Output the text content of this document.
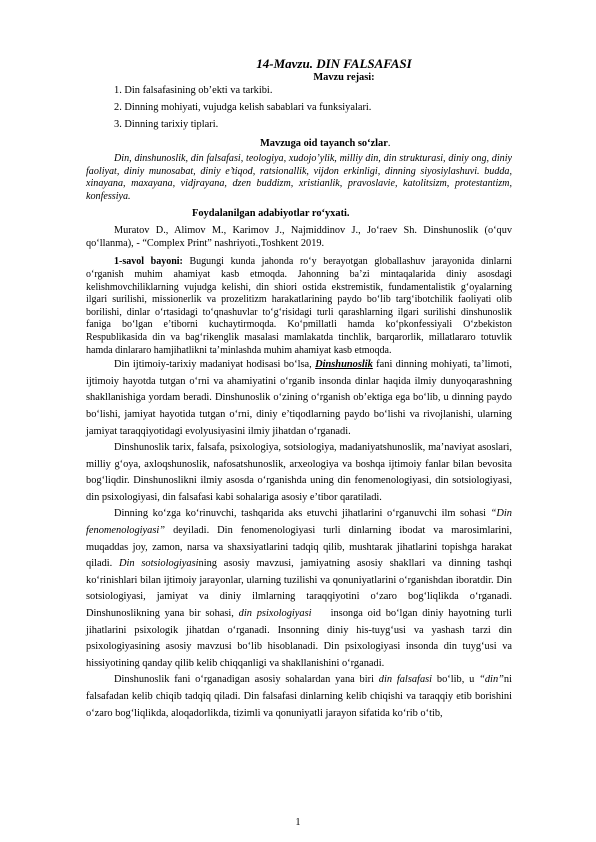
14-Mavzu. DIN FALSAFASI
Mavzu rejasi:
1. Din falsafasining ob’ekti va tarkibi.
2. Dinning mohiyati, vujudga kelish sabablari va funksiyalari.
3. Dinning tarixiy tiplari.
Mavzuga oid tayanch so‘zlar.

Din, dinshunoslik, din falsafasi, teologiya, xudojo’ylik, milliy din, din strukturasi, diniy ong, diniy faoliyat, diniy munosabat, diniy e’tiqod, ratsionallik, vijdon erkinligi, dinning siyosiylashuvi. budda, xinayana, maxayana, vidjrayana, dzen buddizm, xristianlik, pravoslavie, katolitsizm, protestantizm, konfessiya.

Foydalanilgan adabiyotlar ro‘yxati.

Muratov D., Alimov M., Karimov J., Najmiddinov J., Jo‘raev Sh. Dinshunoslik (o‘quv qo‘llanma), - “Complex Print” nashriyoti.,Toshkent 2019.

1-savol bayoni: Bugungi kunda jahonda ro‘y berayotgan globallashuv jarayonida dinlarni o‘rganish muhim ahamiyat kasb etmoqda. Jahonning ba’zi mintaqalarida diniy asosdagi kelishmovchiliklarning vujudga kelishi, din shiori ostida ekstremistik, fundamentalistik g‘oyalarning ilgari surilishi, missionerlik va prozelitizm harakatlarining paydo bo‘lib targ‘ibotchilik faoliyati olib borilishi, dinlar o‘rtasidagi to‘qnashuvlar to‘g‘risidagi turli qarashlarning ilgari surilishi dinshunoslik faniga bo‘lgan e’tiborni kuchaytirmoqda. Ko‘pmillatli hamda ko‘pkonfessiyali O‘zbekiston Respublikasida din va bag‘rikenglik masalasi mamlakatda tinchlik, barqarorlik, millatlararo totuvlik hamda dinlararo hamjihatlikni ta’minlashda muhim ahamiyat kasb etmoqda.

Din ijtimoiy-tarixiy madaniyat hodisasi bo‘lsa, Dinshunoslik fani dinning mohiyati, ta’limoti, ijtimoiy hayotda tutgan o‘rni va ahamiyatini o‘rganib insonda dinlar haqida ilmiy dunyoqarashning shakllanishiga yordam beradi. Dinshunoslik o‘zining o‘rganish ob’ektiga ega bo‘lib, u dinning paydo bo‘lishi, jamiyat hayotida tutgan o‘rni, diniy e’tiqodlarning paydo bo‘lishi va rivojlanishi, ularning jamiyat taraqqiyotidagi evolyusiyasini ilmiy jihatdan o‘rganadi.

Dinshunoslik tarix, falsafa, psixologiya, sotsiologiya, madaniyatshunoslik, ma’naviyat asoslari, milliy g‘oya, axloqshunoslik, nafosatshunoslik, arxeologiya va boshqa ijtimoiy fanlar bilan bevosita bog‘liqdir. Dinshunoslikni ilmiy asosda o‘rganishda uning din fenomenologiyasi, din sotsiologiyasi, din psixologiyasi, din falsafasi kabi sohalariga asosiy e’tibor qaratiladi.

Dinning ko‘zga ko‘rinuvchi, tashqarida aks etuvchi jihatlarini o‘rganuvchi ilm sohasi “Din fenomenologiyasi” deyiladi. Din fenomenologiyasi turli dinlarning ibodat va marosimlarini, muqaddas joy, zamon, narsa va shaxsiyatlarini tadqiq qilib, mushtarak jihatlarini topishga harakat qiladi. Din sotsiologiyasining asosiy mavzusi, jamiyatning asosiy shakllari va dinning tashqi ko‘rinishlari bilan ijtimoiy jarayonlar, ularning tuzilishi va qonuniyatlarini o‘rganishdan iboratdir. Din sotsiologiyasi, jamiyat va diniy ilmlarning taraqqiyotini o‘zaro bog‘liqlikda o‘rganadi. Dinshunoslikning yana bir sohasi, din psixologiyasi    insonga oid bo‘lgan diniy hayotning turli jihatlarini psixologik jihatdan o‘rganadi. Insonning diniy his-tuyg‘usi va yashash tarzi din psixologiyasining asosiy mavzusi bo‘lib hisoblanadi. Din psixologiyasi insonda din tuyg‘usi va hissiyotining qanday qilib kelib chiqqanligi va shakllanishini o‘rganadi.

Dinshunoslik fani o‘rganadigan asosiy sohalardan yana biri din falsafasi bo‘lib, u “din”ni falsafadan kelib chiqib tadqiq qiladi. Din falsafasi dinlarning kelib chiqishi va taraqqiy etib borishini o‘zaro bog‘liqlikda, aloqadorlikda, tizimli va qonuniyatli jarayon sifatida ko‘rib o‘tib,

1
